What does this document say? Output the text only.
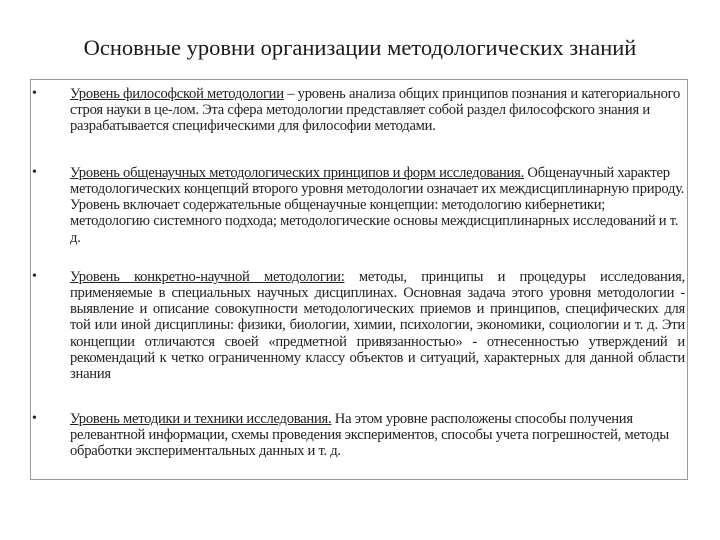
Основные уровни организации методологических знаний
• Уровень философской методологии – уровень анализа общих принципов познания и категориального строя науки в це-лом. Эта сфера методологии представляет собой раздел философского знания и разрабатывается специфическими для философии методами.
• Уровень общенаучных методологических принципов и форм исследования. Общенаучный характер методологических концепций второго уровня методологии означает их междисциплинарную природу. Уровень включает содержательные общенаучные концепции: методологию кибернетики; методологию системного подхода; методологические основы междисциплинарных исследований и т. д.
• Уровень конкретно-научной методологии: методы, принципы и процедуры исследования, применяемые в специальных научных дисциплинах. Основная задача этого уровня методологии - выявление и описание совокупности методологических приемов и принципов, специфических для той или иной дисциплины: физики, биологии, химии, психологии, экономики, социологии и т. д. Эти концепции отличаются своей «предметной привязанностью» - отнесенностью утверждений и рекомендаций к четко ограниченному классу объектов и ситуаций, характерных для данной области знания
• Уровень методики и техники исследования. На этом уровне расположены способы получения релевантной информации, схемы проведения экспериментов, способы учета погрешностей, методы обработки экспериментальных данных и т. д.
